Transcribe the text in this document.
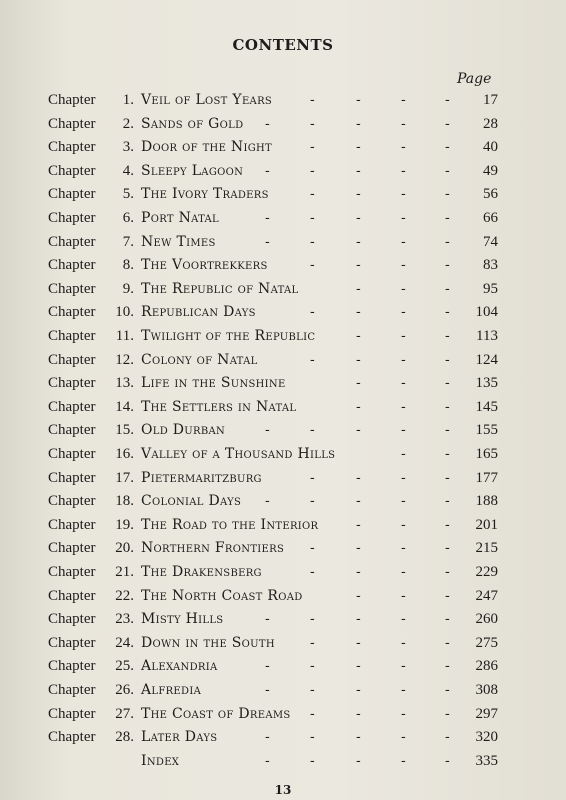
CONTENTS
Page
Chapter	1. Veil of Lost Years	-	-	-	-	17
Chapter	2. Sands of Gold -	-	-	-	-	28
Chapter	3. Door of the Night	-	-	-	-	40
Chapter	4. Sleepy Lagoon -	-	-	-	-	49
Chapter	5. The Ivory Traders	-	-	-	-	56
Chapter	6. Port Natal	-	-	-	-	-	66
Chapter	7. New Times	-	-	-	-	-	74
Chapter	8. The Voortrekkers	-	-	-	-	83
Chapter	9. The Republic of Natal	-	-	-	95
Chapter	10. Republican Days	-	-	-	-	104
Chapter	11. Twilight of the Republic	-	-	-	113
Chapter	12. Colony of Natal	-	-	-	-	124
Chapter	13. Life in the Sunshine	-	-	-	135
Chapter	14. The Settlers in Natal	-	-	-	145
Chapter	15. Old Durban	-	-	-	-	-	155
Chapter	16. Valley of a Thousand Hills	-	-	165
Chapter	17. Pietermaritzburg	-	-	-	-	177
Chapter	18. Colonial Days -	-	-	-	-	188
Chapter	19. The Road to the Interior	-	-	-	201
Chapter	20. Northern Frontiers -	-	-	-	215
Chapter	21. The Drakensberg	-	-	-	-	229
Chapter	22. The North Coast Road	-	-	-	247
Chapter	23. Misty Hills	-	-	-	-	-	260
Chapter	24. Down in the South	-	-	-	-	275
Chapter	25. Alexandria	-	-	-	-	-	286
Chapter	26. Alfredia	-	-	-	-	-	308
Chapter	27. The Coast of Dreams -	-	-	-	297
Chapter	28. Later Days	-	-	-	-	-	320
Index	-	-	-	-	-	335
13
